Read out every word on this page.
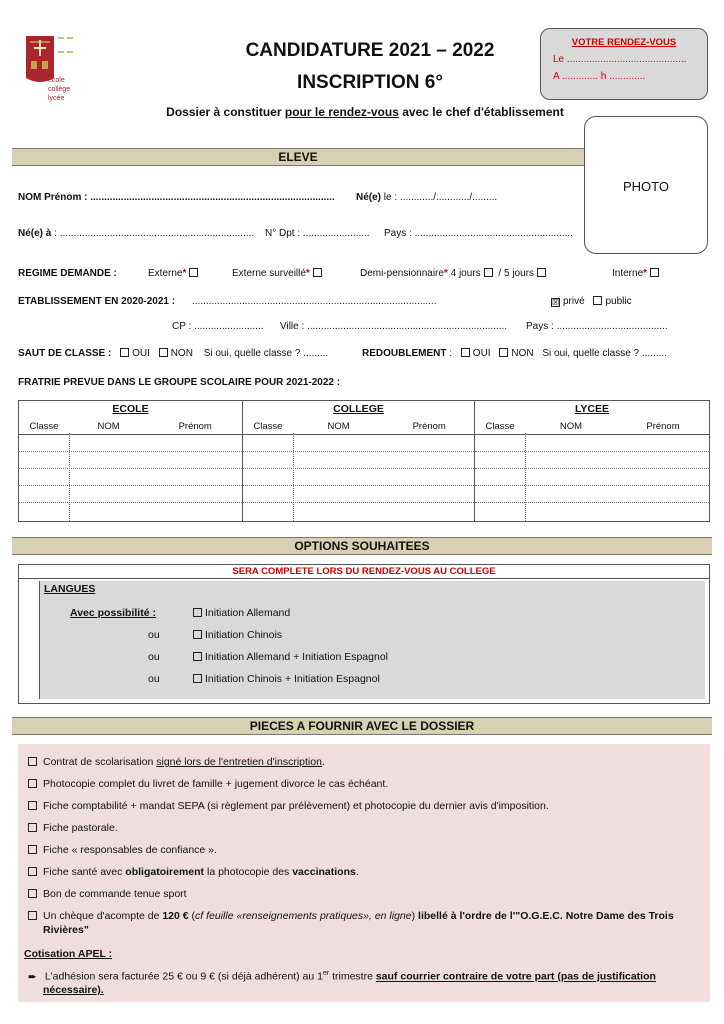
école
collège
lycée
CANDIDATURE 2021 – 2022
INSCRIPTION 6°
Dossier à constituer pour le rendez-vous avec le chef d'établissement
VOTRE RENDEZ-VOUS
Le ...........................................
A ............. h .............
PHOTO
ELEVE
NOM Prénom : ........................................................................................ Né(e) le : ............/............/.........
Né(e) à : ...................................................................... N° Dpt : ........................ Pays : .........................................................
REGIME DEMANDE :	Externe*	Externe surveillé*	Demi-pensionnaire* 4 jours / 5 jours	Interne*
ETABLISSEMENT EN 2020-2021 : ........................................................................................	☒ privé public
CP : ......................... Ville : ........................................................................ Pays : ........................................
SAUT DE CLASSE : OUI NON Si oui, quelle classe ? .........	REDOUBLEMENT : OUI NON Si oui, quelle classe ? .........
FRATRIE PREVUE DANS LE GROUPE SCOLAIRE POUR 2021-2022 :
ECOLE
Classe	NOM	Prénom
COLLEGE
Classe	NOM	Prénom
LYCEE
Classe	NOM	Prénom
OPTIONS SOUHAITEES
SERA COMPLETE LORS DU RENDEZ-VOUS AU COLLEGE
LANGUES
Avec possibilité :	Initiation Allemand
ou	Initiation Chinois
ou	Initiation Allemand + Initiation Espagnol
ou	Initiation Chinois + Initiation Espagnol
PIECES A FOURNIR AVEC LE DOSSIER
Contrat de scolarisation signé lors de l'entretien d'inscription.
Photocopie complet du livret de famille + jugement divorce le cas échéant.
Fiche comptabilité + mandat SEPA (si règlement par prélèvement) et photocopie du dernier avis d'imposition.
Fiche pastorale.
Fiche « responsables de confiance ».
Fiche santé avec obligatoirement la photocopie des vaccinations.
Bon de commande tenue sport
Un chèque d'acompte de 120 € (cf feuille «renseignements pratiques», en ligne) libellé à l'ordre de l'"O.G.E.C. Notre Dame des Trois
Rivières"
Cotisation APEL :
➨ L'adhésion sera facturée 25 € ou 9 € (si déjà adhérent) au 1er trimestre sauf courrier contraire de votre part (pas de justification
nécessaire).
